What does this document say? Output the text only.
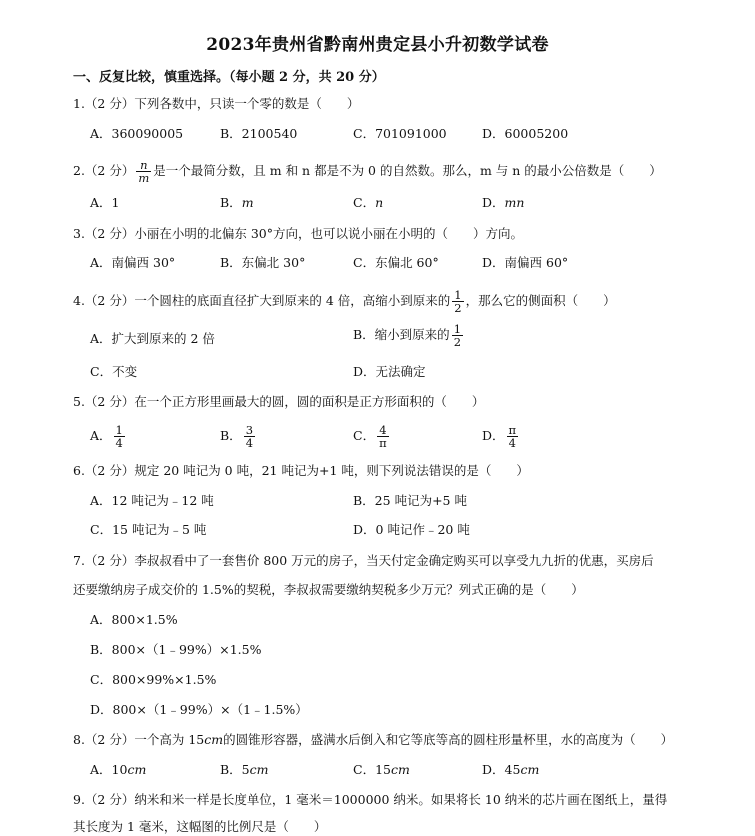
2023年贵州省黔南州贵定县小升初数学试卷
一、反复比较，慎重选择。（每小题 2 分，共 20 分）
1.（2 分）下列各数中，只读一个零的数是（　　）
A．360090005	B．2100540	C．701091000	D．60005200
2.（2 分） $\frac{n}{m}$ 是一个最简分数，且 m 和 n 都是不为 0 的自然数。那么，m 与 n 的最小公倍数是（　　）
A．1	B．m	C．n	D．mn
3.（2 分）小丽在小明的北偏东 30°方向，也可以说小丽在小明的（　　）方向。
A．南偏西 30°	B．东偏北 30°	C．东偏北 60°	D．南偏西 60°
4.（2 分）一个圆柱的底面直径扩大到原来的 4 倍，高缩小到原来的 $\frac{1}{2}$ ，那么它的侧面积（　　）
A．扩大到原来的 2 倍	B．缩小到原来的 $\frac{1}{2}$
C．不变	D．无法确定
5.（2 分）在一个正方形里画最大的圆，圆的面积是正方形面积的（　　）
A． $\frac{1}{4}$	B． $\frac{3}{4}$	C． $\frac{4}{\pi}$	D． $\frac{\pi}{4}$
6.（2 分）规定 20 吨记为 0 吨，21 吨记为+1 吨，则下列说法错误的是（　　）
A．12 吨记为﹣12 吨	B．25 吨记为+5 吨
C．15 吨记为﹣5 吨	D．0 吨记作﹣20 吨
7.（2 分）李叔叔看中了一套售价 800 万元的房子，当天付定金确定购买可以享受九九折的优惠，买房后
还要缴纳房子成交价的 1.5%的契税，李叔叔需要缴纳契税多少万元？列式正确的是（　　）
A．800×1.5%
B．800×（1﹣99%）×1.5%
C．800×99%×1.5%
D．800×（1﹣99%）×（1﹣1.5%）
8.（2 分）一个高为 15cm的圆锥形容器，盛满水后倒入和它等底等高的圆柱形量杯里，水的高度为（　　）
A．10cm	B．5cm	C．15cm	D．45cm
9.（2 分）纳米和米一样是长度单位，1 毫米＝1000000 纳米。如果将长 10 纳米的芯片画在图纸上，量得
其长度为 1 毫米，这幅图的比例尺是（　　）
